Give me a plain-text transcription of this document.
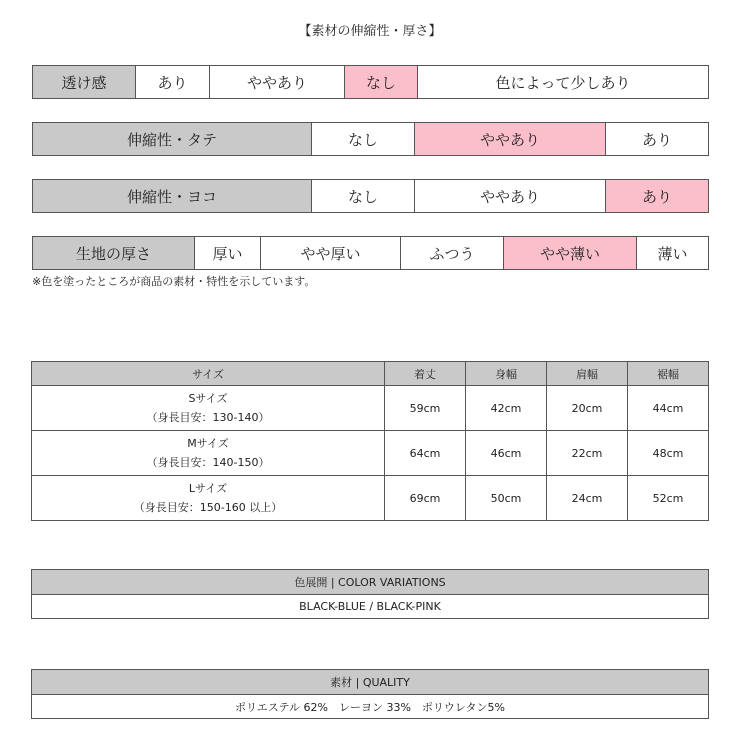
【素材の伸縮性・厚さ】
透け感	あり	ややあり	なし	色によって少しあり
伸縮性・タテ	なし	ややあり	あり
伸縮性・ヨコ	なし	ややあり	あり
生地の厚さ	厚い	やや厚い	ふつう	やや薄い	薄い
※色を塗ったところが商品の素材・特性を示しています。
サイズ	着丈	身幅	肩幅	裾幅

Sサイズ
（身長目安：130-140）	59cm	42cm	20cm	44cm

Mサイズ
（身長目安：140-150）	64cm	46cm	22cm	48cm

Lサイズ
（身長目安：150-160 以上）	69cm	50cm	24cm	52cm
色展開 | COLOR VARIATIONS
BLACK-BLUE / BLACK-PINK
素材 | QUALITY
ポリエステル 62%　レーヨン 33%　ポリウレタン5%
